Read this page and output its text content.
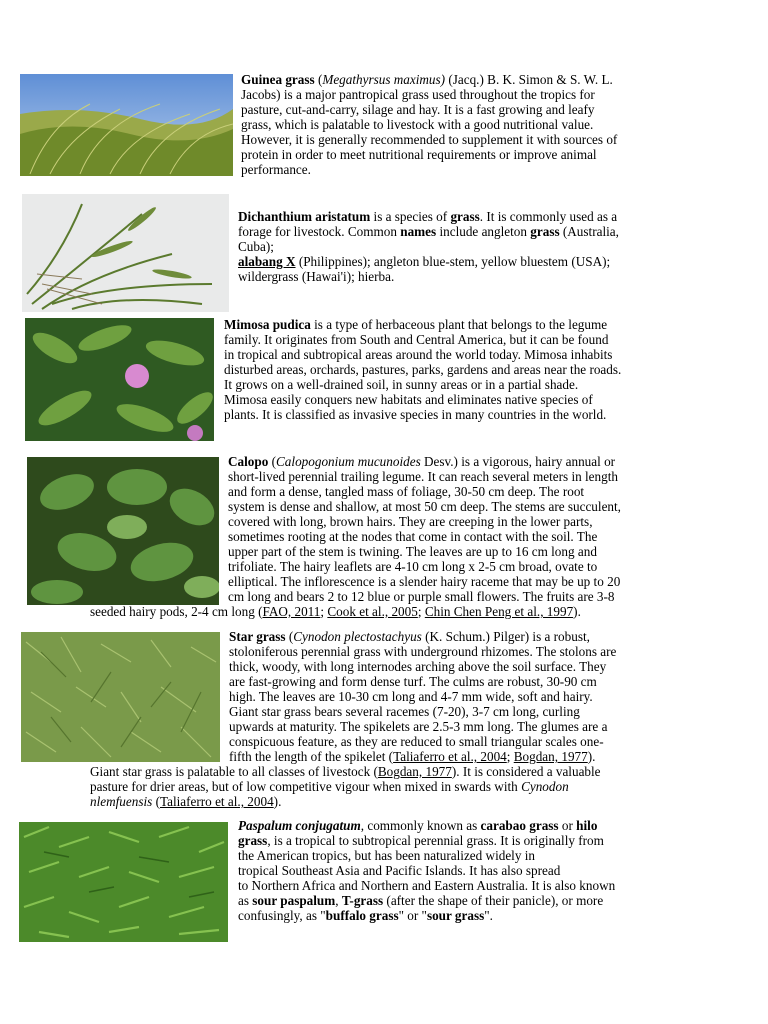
Guinea grass (Megathyrsus maximus) (Jacq.) B. K. Simon & S. W. L.

Jacobs) is a major pantropical grass used throughout the tropics for

pasture, cut-and-carry, silage and hay. It is a fast growing and leafy

grass, which is palatable to livestock with a good nutritional value.

However, it is generally recommended to supplement it with sources of

protein in order to meet nutritional requirements or improve animal

performance.

Dichanthium aristatum is a species of grass. It is commonly used as a

forage for livestock. Common names include angleton grass (Australia,

Cuba);

alabang X (Philippines); angleton blue-stem, yellow bluestem (USA);

wildergrass (Hawai'i); hierba.

Mimosa pudica is a type of herbaceous plant that belongs to the legume

family. It originates from South and Central America, but it can be found

in tropical and subtropical areas around the world today. Mimosa inhabits

disturbed areas, orchards, pastures, parks, gardens and areas near the roads.

It grows on a well-drained soil, in sunny areas or in a partial shade.

Mimosa easily conquers new habitats and eliminates native species of

plants. It is classified as invasive species in many countries in the world.

Calopo (Calopogonium mucunoides Desv.) is a vigorous, hairy annual or

short-lived perennial trailing legume. It can reach several meters in length

and form a dense, tangled mass of foliage, 30-50 cm deep. The root

system is dense and shallow, at most 50 cm deep. The stems are succulent,

covered with long, brown hairs. They are creeping in the lower parts,

sometimes rooting at the nodes that come in contact with the soil. The

upper part of the stem is twining. The leaves are up to 16 cm long and

trifoliate. The hairy leaflets are 4-10 cm long x 2-5 cm broad, ovate to

elliptical. The inflorescence is a slender hairy raceme that may be up to 20

cm long and bears 2 to 12 blue or purple small flowers. The fruits are 3-8

seeded hairy pods, 2-4 cm long (FAO, 2011; Cook et al., 2005; Chin Chen Peng et al., 1997).

Star grass (Cynodon plectostachyus (K. Schum.) Pilger) is a robust,

stoloniferous perennial grass with underground rhizomes. The stolons are

thick, woody, with long internodes arching above the soil surface. They

are fast-growing and form dense turf. The culms are robust, 30-90 cm

high. The leaves are 10-30 cm long and 4-7 mm wide, soft and hairy.

Giant star grass bears several racemes (7-20), 3-7 cm long, curling

upwards at maturity. The spikelets are 2.5-3 mm long. The glumes are a

conspicuous feature, as they are reduced to small triangular scales one-

fifth the length of the spikelet (Taliaferro et al., 2004; Bogdan, 1977).

Giant star grass is palatable to all classes of livestock (Bogdan, 1977). It is considered a valuable

pasture for drier areas, but of low competitive vigour when mixed in swards with Cynodon

nlemfuensis (Taliaferro et al., 2004).

Paspalum conjugatum, commonly known as carabao grass or hilo

grass, is a tropical to subtropical perennial grass. It is originally from

the American tropics, but has been naturalized widely in

tropical Southeast Asia and Pacific Islands. It has also spread

to Northern Africa and Northern and Eastern Australia. It is also known

as sour paspalum, T-grass (after the shape of their panicle), or more

confusingly, as "buffalo grass" or "sour grass".
